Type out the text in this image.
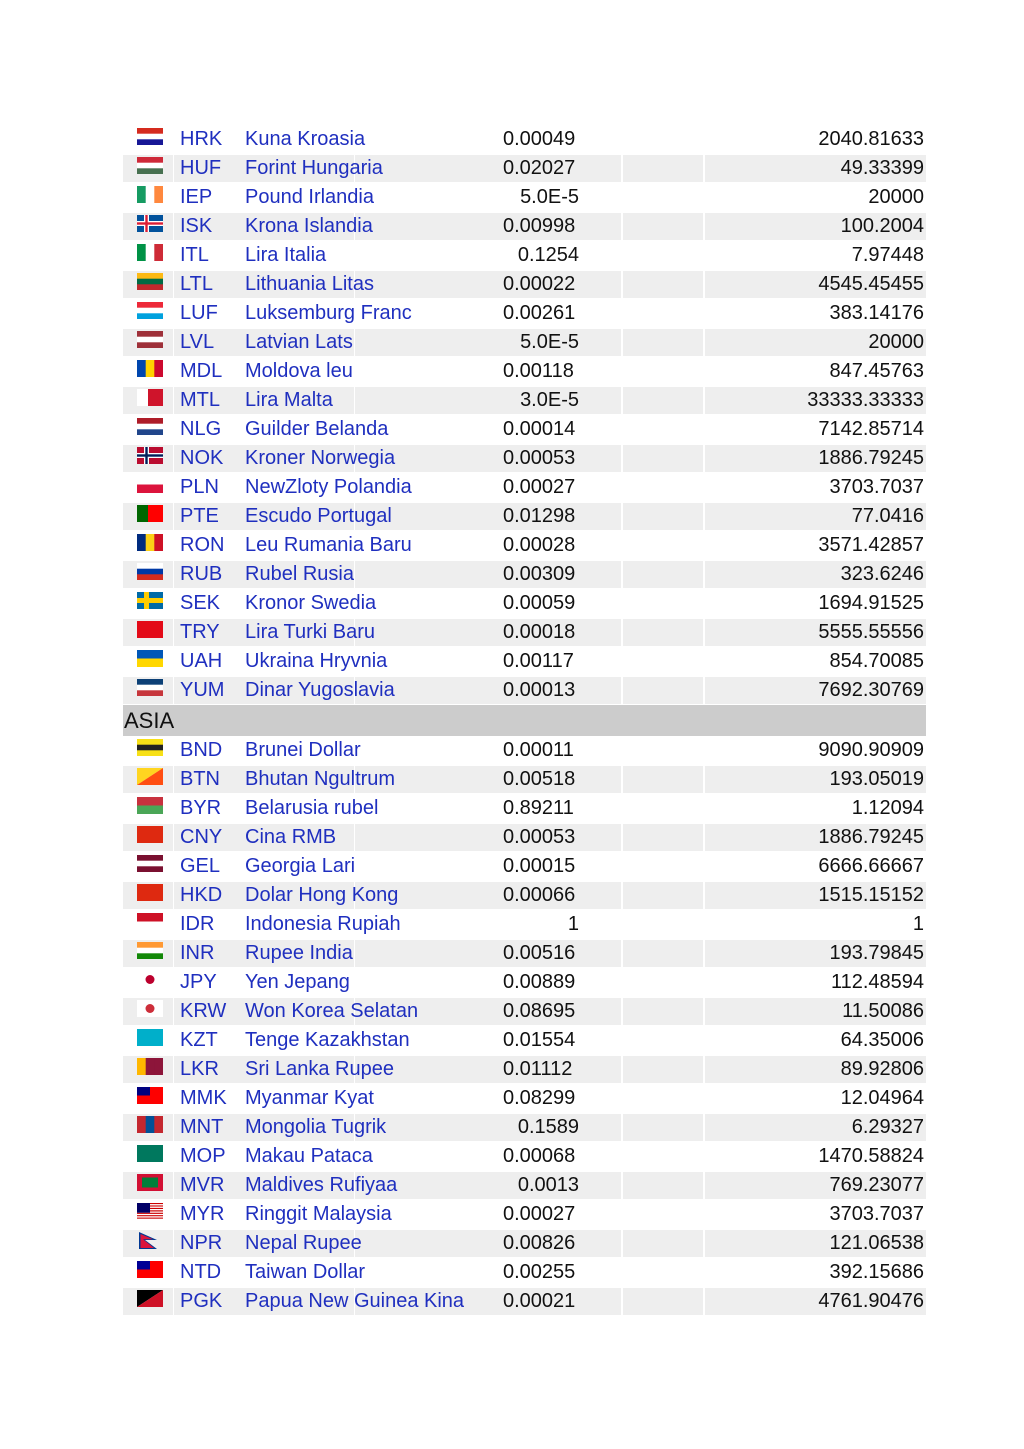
HRK Kuna Kroasia	0.00049	2040.81633
HUF Forint Hungaria	0.02027	49.33399
IEP Pound Irlandia	5.0E-5	20000
ISK Krona Islandia	0.00998	100.2004
ITL Lira Italia	0.1254	7.97448
LTL Lithuania Litas	0.00022	4545.45455
LUF Luksemburg Franc	0.00261	383.14176
LVL Latvian Lats	5.0E-5	20000
MDL Moldova leu	0.00118	847.45763
MTL Lira Malta	3.0E-5	33333.33333
NLG Guilder Belanda	0.00014	7142.85714
NOK Kroner Norwegia	0.00053	1886.79245
PLN NewZloty Polandia	0.00027	3703.7037
PTE Escudo Portugal	0.01298	77.0416
RON Leu Rumania Baru	0.00028	3571.42857
RUB Rubel Rusia	0.00309	323.6246
SEK Kronor Swedia	0.00059	1694.91525
TRY Lira Turki Baru	0.00018	5555.55556
UAH Ukraina Hryvnia	0.00117	854.70085
YUM Dinar Yugoslavia	0.00013	7692.30769
ASIA
BND Brunei Dollar	0.00011	9090.90909
BTN Bhutan Ngultrum	0.00518	193.05019
BYR Belarusia rubel	0.89211	1.12094
CNY Cina RMB	0.00053	1886.79245
GEL Georgia Lari	0.00015	6666.66667
HKD Dolar Hong Kong	0.00066	1515.15152
IDR Indonesia Rupiah	1	1
INR Rupee India	0.00516	193.79845
JPY Yen Jepang	0.00889	112.48594
KRW Won Korea Selatan	0.08695	11.50086
KZT Tenge Kazakhstan	0.01554	64.35006
LKR Sri Lanka Rupee	0.01112	89.92806
MMK Myanmar Kyat	0.08299	12.04964
MNT Mongolia Tugrik	0.1589	6.29327
MOP Makau Pataca	0.00068	1470.58824
MVR Maldives Rufiyaa	0.0013	769.23077
MYR Ringgit Malaysia	0.00027	3703.7037
NPR Nepal Rupee	0.00826	121.06538
NTD Taiwan Dollar	0.00255	392.15686
PGK Papua New Guinea Kina 0.00021	4761.90476
